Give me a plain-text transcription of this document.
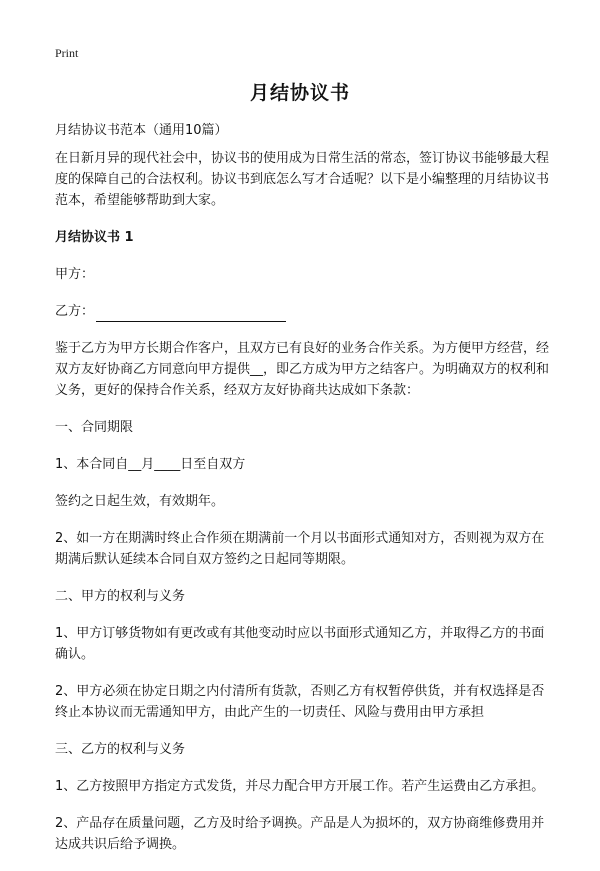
Print
月结协议书

月结协议书范本（通用10篇）

在日新月异的现代社会中，协议书的使用成为日常生活的常态，签订协议书能够最大程度的保障自己的合法权利。协议书到底怎么写才合适呢？以下是小编整理的月结协议书范本，希望能够帮助到大家。

月结协议书 1

甲方：

乙方：

鉴于乙方为甲方长期合作客户，且双方已有良好的业务合作关系。为方便甲方经营，经双方友好协商乙方同意向甲方提供__，即乙方成为甲方之结客户。为明确双方的权利和义务，更好的保持合作关系，经双方友好协商共达成如下条款：

一、合同期限

1、本合同自__月____日至自双方

签约之日起生效，有效期年。

2、如一方在期满时终止合作须在期满前一个月以书面形式通知对方，否则视为双方在期满后默认延续本合同自双方签约之日起同等期限。

二、甲方的权利与义务

1、甲方订够货物如有更改或有其他变动时应以书面形式通知乙方，并取得乙方的书面确认。

2、甲方必须在协定日期之内付清所有货款，否则乙方有权暂停供货，并有权选择是否终止本协议而无需通知甲方，由此产生的一切责任、风险与费用由甲方承担

三、乙方的权利与义务

1、乙方按照甲方指定方式发货，并尽力配合甲方开展工作。若产生运费由乙方承担。

2、产品存在质量问题，乙方及时给予调换。产品是人为损坏的，双方协商维修费用并达成共识后给予调换。
